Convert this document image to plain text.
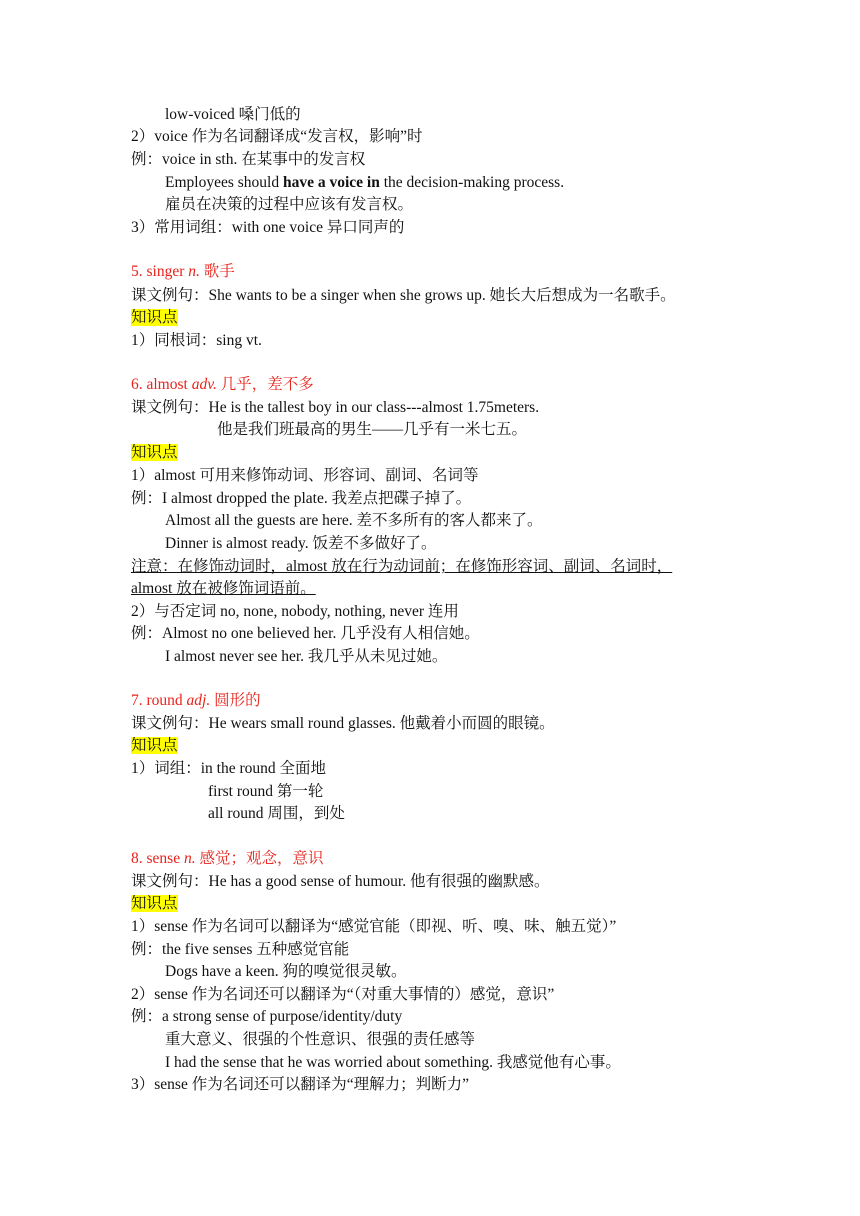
low-voiced 嗓门低的
2）voice 作为名词翻译成“发言权，影响”时
例：voice in sth. 在某事中的发言权
Employees should have a voice in the decision-making process.
雇员在决策的过程中应该有发言权。
3）常用词组：with one voice 异口同声的
5. singer n. 歌手
课文例句：She wants to be a singer when she grows up. 她长大后想成为一名歌手。
知识点
1）同根词：sing vt.
6. almost adv. 几乎，差不多
课文例句：He is the tallest boy in our class---almost 1.75meters.
他是我们班最高的男生——几乎有一米七五。
知识点
1）almost 可用来修饰动词、形容词、副词、名词等
例：I almost dropped the plate. 我差点把碟子掉了。
Almost all the guests are here. 差不多所有的客人都来了。
Dinner is almost ready. 饭差不多做好了。
注意：在修饰动词时，almost 放在行为动词前；在修饰形容词、副词、名词时，
almost 放在被修饰词语前。
2）与否定词 no, none, nobody, nothing, never 连用
例：Almost no one believed her. 几乎没有人相信她。
I almost never see her. 我几乎从未见过她。
7. round adj. 圆形的
课文例句：He wears small round glasses. 他戴着小而圆的眼镜。
知识点
1）词组：in the round 全面地
first round 第一轮
all round 周围，到处
8. sense n. 感觉；观念，意识
课文例句：He has a good sense of humour. 他有很强的幽默感。
知识点
1）sense 作为名词可以翻译为“感觉官能（即视、听、嗅、味、触五觉）”
例：the five senses 五种感觉官能
Dogs have a keen. 狗的嗅觉很灵敏。
2）sense 作为名词还可以翻译为“（对重大事情的）感觉，意识”
例：a strong sense of purpose/identity/duty
重大意义、很强的个性意识、很强的责任感等
I had the sense that he was worried about something. 我感觉他有心事。
3）sense 作为名词还可以翻译为“理解力；判断力”
